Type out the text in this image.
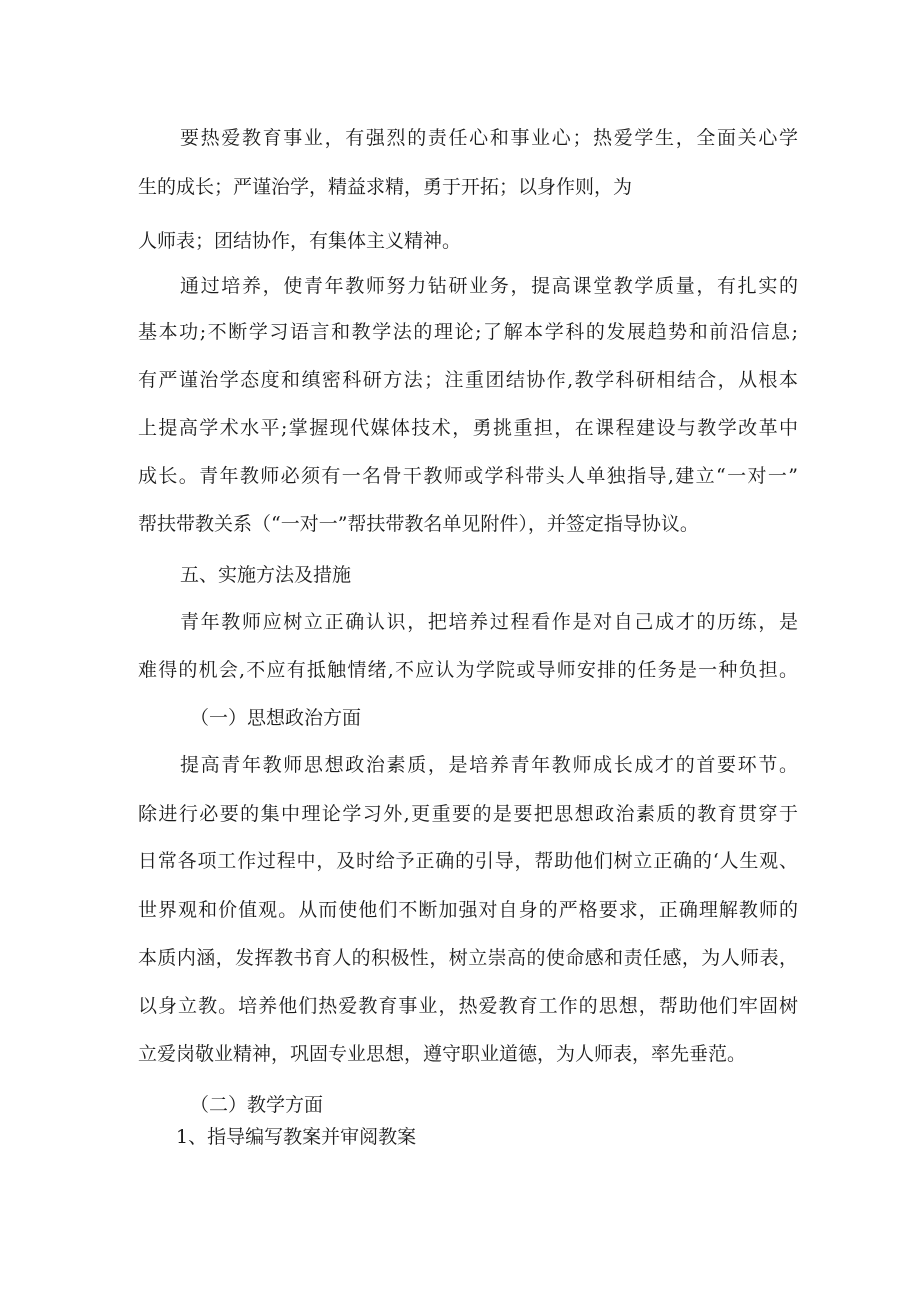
要热爱教育事业，有强烈的责任心和事业心；热爱学生，全面关心学
生的成长；严谨治学，精益求精，勇于开拓；以身作则，为
人师表；团结协作，有集体主义精神。
通过培养，使青年教师努力钻研业务，提高课堂教学质量，有扎实的
基本功;不断学习语言和教学法的理论;了解本学科的发展趋势和前沿信息;
有严谨治学态度和缜密科研方法；注重团结协作,教学科研相结合，从根本
上提高学术水平;掌握现代媒体技术，勇挑重担，在课程建设与教学改革中
成长。青年教师必须有一名骨干教师或学科带头人单独指导,建立“一对一”
帮扶带教关系（“一对一”帮扶带教名单见附件），并签定指导协议。
五、实施方法及措施
青年教师应树立正确认识，把培养过程看作是对自己成才的历练，是
难得的机会,不应有抵触情绪,不应认为学院或导师安排的任务是一种负担。
（一）思想政治方面
提高青年教师思想政治素质，是培养青年教师成长成才的首要环节。
除进行必要的集中理论学习外,更重要的是要把思想政治素质的教育贯穿于
日常各项工作过程中，及时给予正确的引导，帮助他们树立正确的‘人生观、
世界观和价值观。从而使他们不断加强对自身的严格要求，正确理解教师的
本质内涵，发挥教书育人的积极性，树立崇高的使命感和责任感，为人师表，
以身立教。培养他们热爱教育事业，热爱教育工作的思想，帮助他们牢固树
立爱岗敬业精神，巩固专业思想，遵守职业道德，为人师表，率先垂范。
（二）教学方面
1、指导编写教案并审阅教案
